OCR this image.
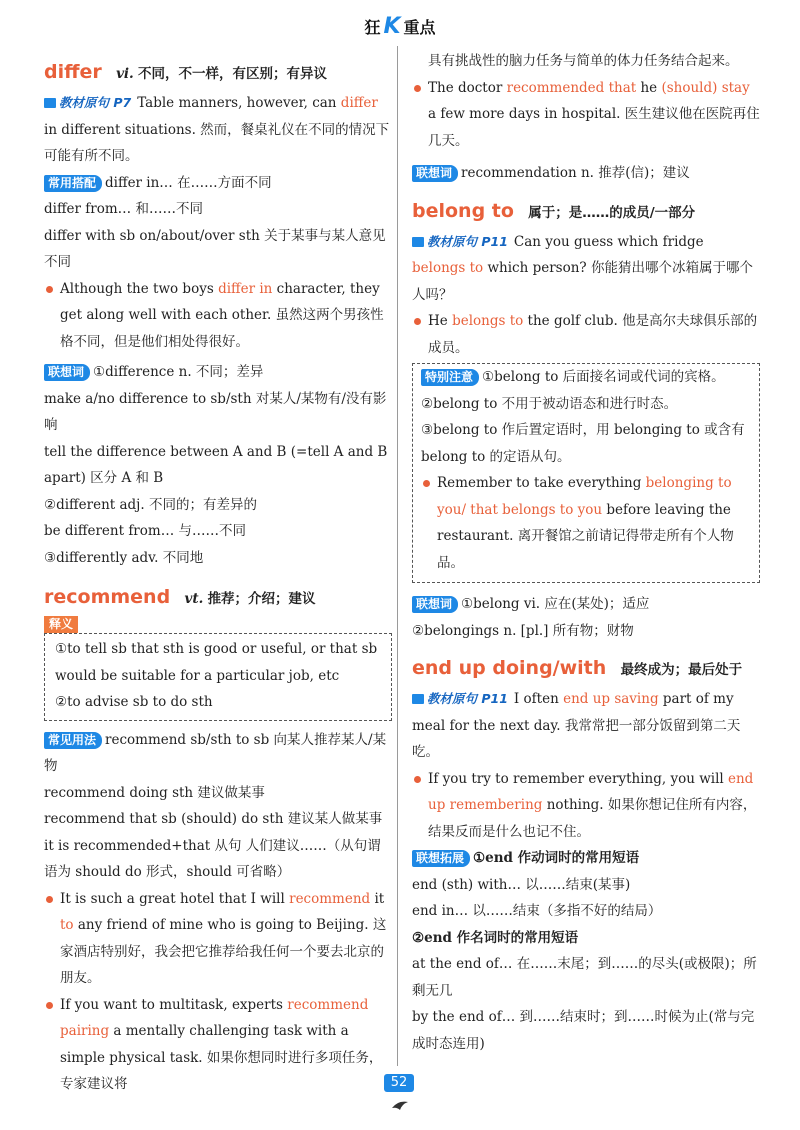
狂 K 重点
differ vi. 不同，不一样，有区别；有异议
教材原句 P7 Table manners, however, can differ in different situations. 然而，餐桌礼仪在不同的情况下可能有所不同。
常用搭配 differ in… 在……方面不同
differ from… 和……不同
differ with sb on/about/over sth 关于某事与某人意见不同
Although the two boys differ in character, they get along well with each other. 虽然这两个男孩性格不同，但是他们相处得很好。
联想词 ①difference n. 不同；差异
make a/no difference to sb/sth 对某人/某物有/没有影响
tell the difference between A and B (=tell A and B apart) 区分 A 和 B
②different adj. 不同的；有差异的
be different from… 与……不同
③differently adv. 不同地
recommend vt. 推荐；介绍；建议
释义
①to tell sb that sth is good or useful, or that sb would be suitable for a particular job, etc
②to advise sb to do sth
常见用法 recommend sb/sth to sb 向某人推荐某人/某物
recommend doing sth 建议做某事
recommend that sb (should) do sth 建议某人做某事
it is recommended+that 从句 人们建议……（从句谓语为 should do 形式，should 可省略）
It is such a great hotel that I will recommend it to any friend of mine who is going to Beijing. 这家酒店特别好，我会把它推荐给我任何一个要去北京的朋友。
If you want to multitask, experts recommend pairing a mentally challenging task with a simple physical task. 如果你想同时进行多项任务，专家建议将
具有挑战性的脑力任务与简单的体力任务结合起来。
The doctor recommended that he (should) stay a few more days in hospital. 医生建议他在医院再住几天。
联想词 recommendation n. 推荐(信)；建议
belong to 属于；是……的成员/一部分
教材原句 P11 Can you guess which fridge belongs to which person? 你能猜出哪个冰箱属于哪个人吗？
He belongs to the golf club. 他是高尔夫球俱乐部的成员。
特别注意 ①belong to 后面接名词或代词的宾格。
②belong to 不用于被动语态和进行时态。
③belong to 作后置定语时，用 belonging to 或含有 belong to 的定语从句。
Remember to take everything belonging to you/ that belongs to you before leaving the restaurant. 离开餐馆之前请记得带走所有个人物品。
联想词 ①belong vi. 应在(某处)；适应
②belongings n. [pl.] 所有物；财物
end up doing/with 最终成为；最后处于
教材原句 P11 I often end up saving part of my meal for the next day. 我常常把一部分饭留到第二天吃。
If you try to remember everything, you will end up remembering nothing. 如果你想记住所有内容，结果反而是什么也记不住。
联想拓展 ①end 作动词时的常用短语
end (sth) with… 以……结束(某事)
end in… 以……结束（多指不好的结局）
②end 作名词时的常用短语
at the end of… 在……末尾；到……的尽头(或极限)；所剩无几
by the end of… 到……结束时；到……时候为止(常与完成时态连用)
52
